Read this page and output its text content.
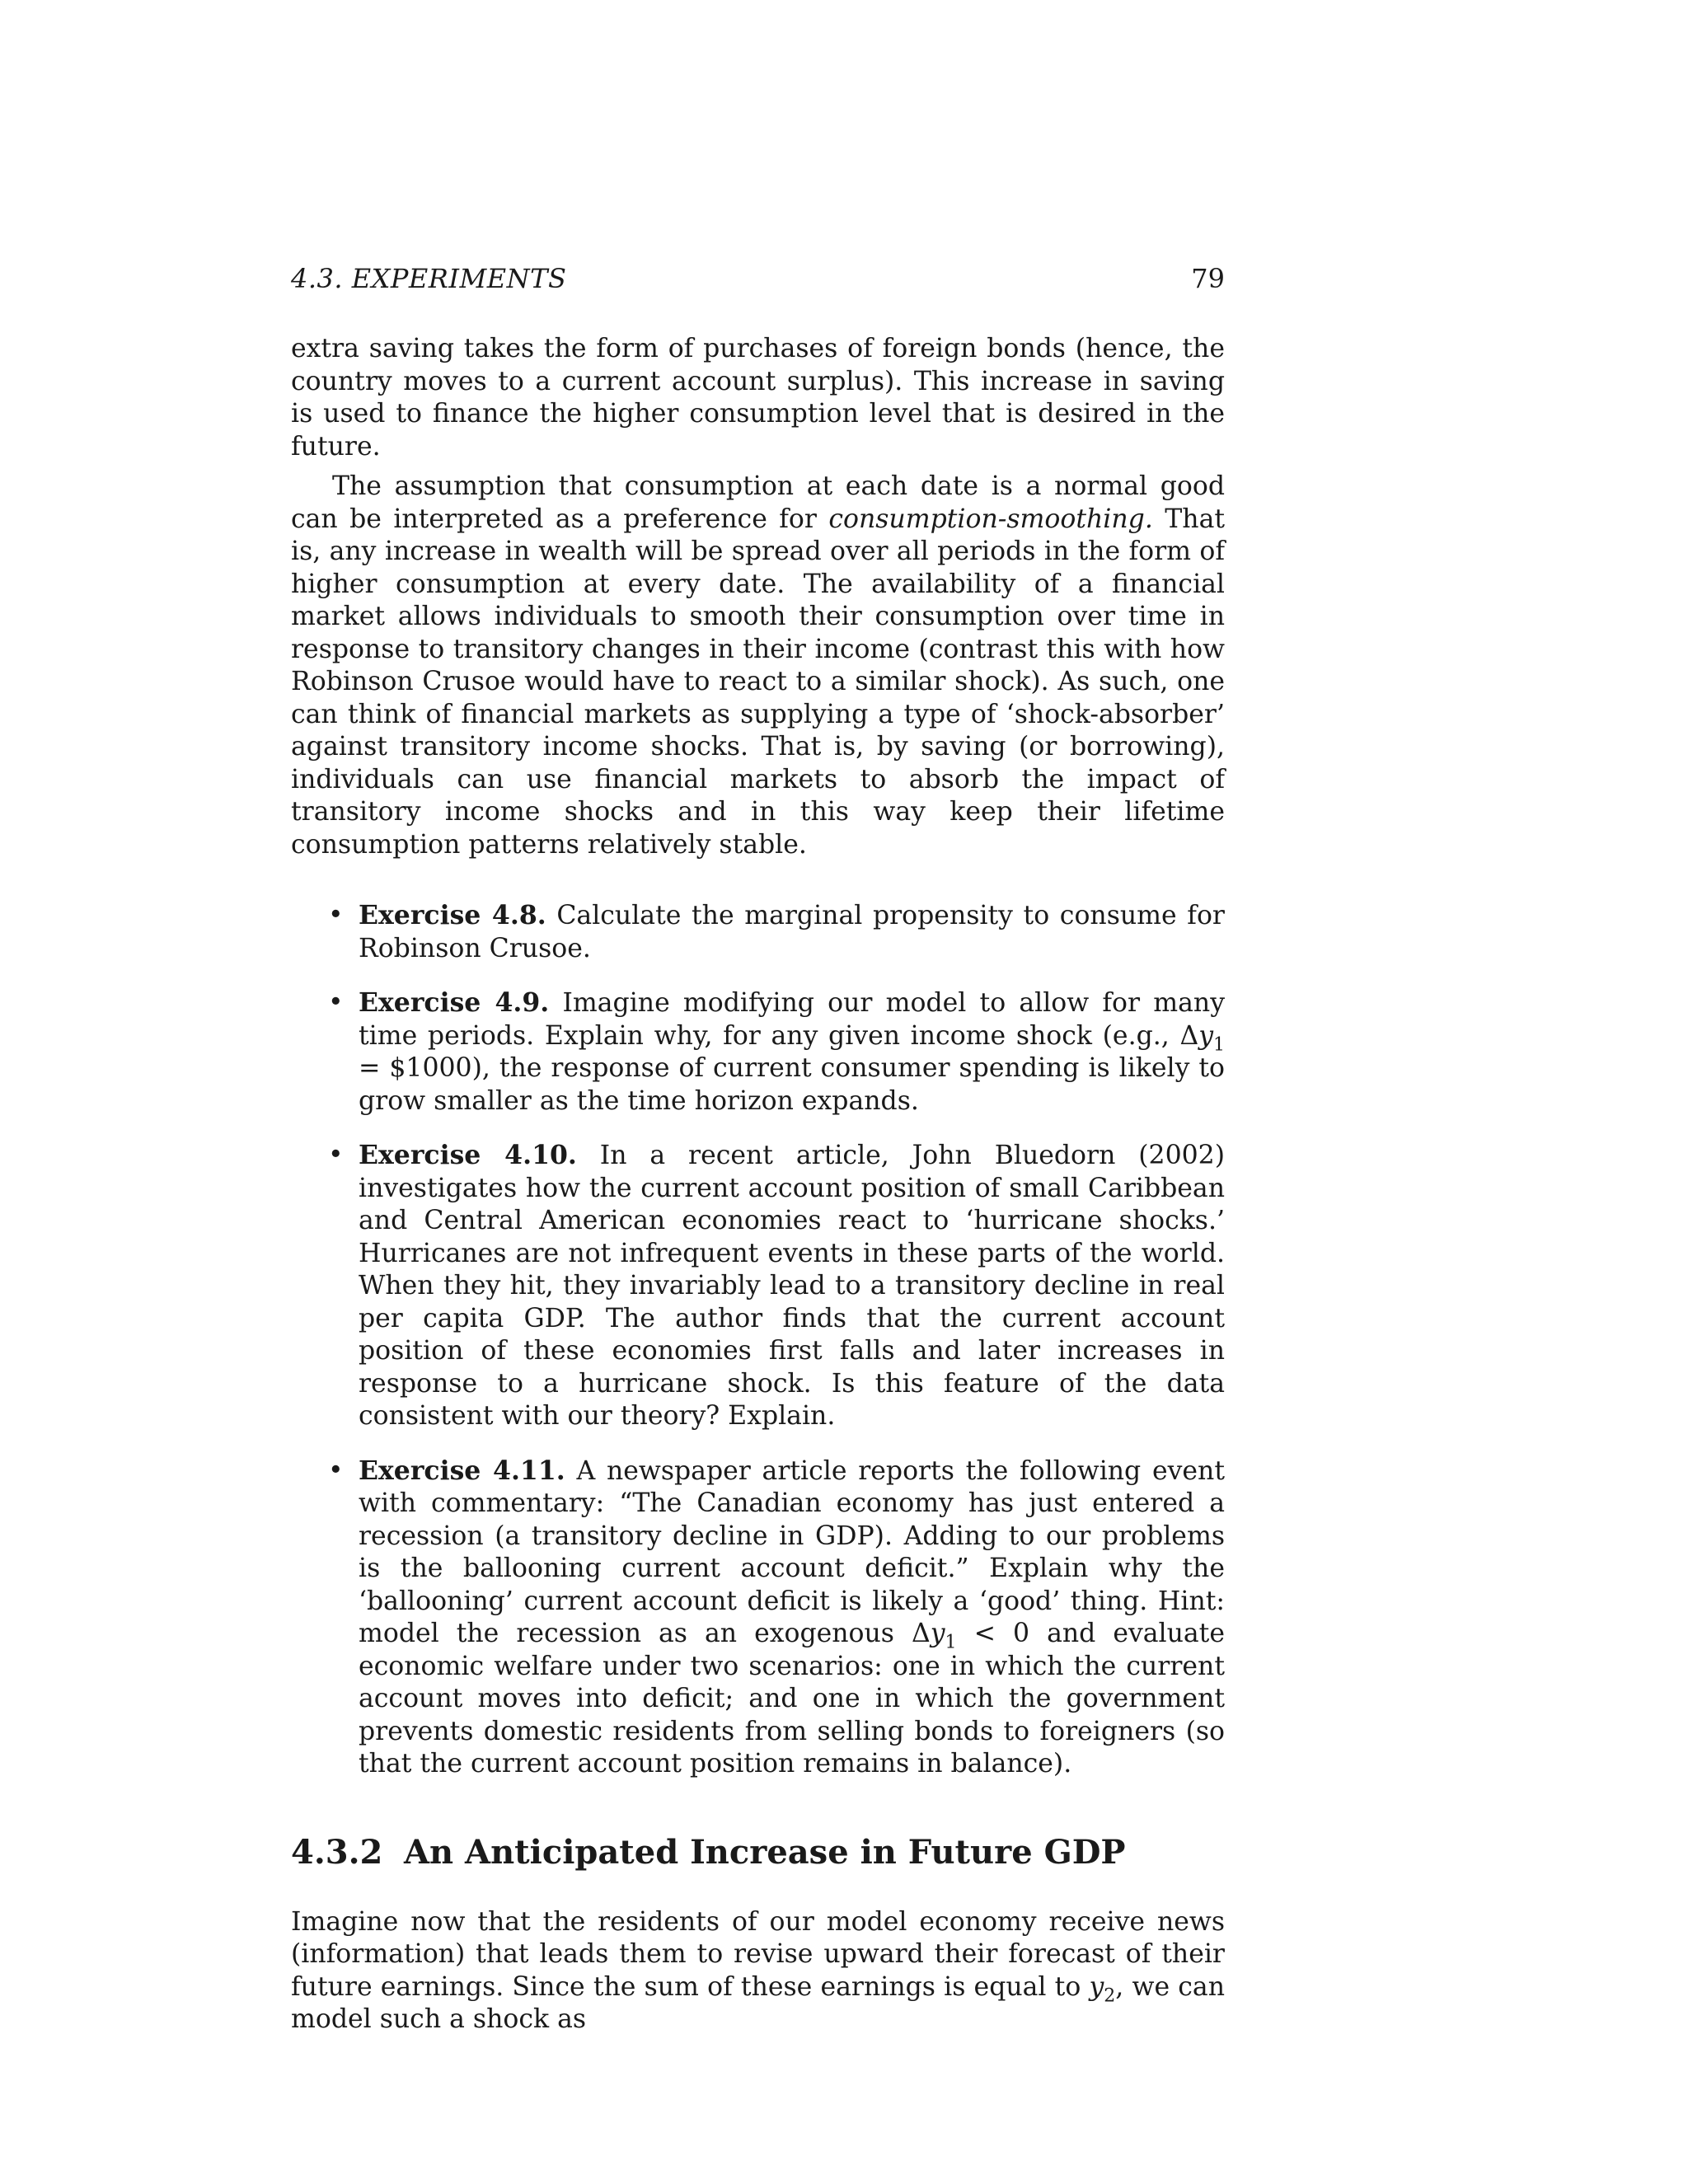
4.3. EXPERIMENTS	79

extra saving takes the form of purchases of foreign bonds (hence, the country moves to a current account surplus). This increase in saving is used to finance the higher consumption level that is desired in the future.

The assumption that consumption at each date is a normal good can be interpreted as a preference for consumption-smoothing. That is, any increase in wealth will be spread over all periods in the form of higher consumption at every date. The availability of a financial market allows individuals to smooth their consumption over time in response to transitory changes in their income (contrast this with how Robinson Crusoe would have to react to a similar shock). As such, one can think of financial markets as supplying a type of ‘shock-absorber’ against transitory income shocks. That is, by saving (or borrowing), individuals can use financial markets to absorb the impact of transitory income shocks and in this way keep their lifetime consumption patterns relatively stable.

• Exercise 4.8. Calculate the marginal propensity to consume for Robinson Crusoe.

• Exercise 4.9. Imagine modifying our model to allow for many time periods. Explain why, for any given income shock (e.g., $\Delta y_1$ = $1000), the response of current consumer spending is likely to grow smaller as the time horizon expands.

• Exercise 4.10. In a recent article, John Bluedorn (2002) investigates how the current account position of small Caribbean and Central American economies react to ‘hurricane shocks.’ Hurricanes are not infrequent events in these parts of the world. When they hit, they invariably lead to a transitory decline in real per capita GDP. The author finds that the current account position of these economies first falls and later increases in response to a hurricane shock. Is this feature of the data consistent with our theory? Explain.

• Exercise 4.11. A newspaper article reports the following event with commentary: “The Canadian economy has just entered a recession (a transitory decline in GDP). Adding to our problems is the ballooning current account deficit.” Explain why the ‘ballooning’ current account deficit is likely a ‘good’ thing. Hint: model the recession as an exogenous $\Delta y_1 < 0$ and evaluate economic welfare under two scenarios: one in which the current account moves into deficit; and one in which the government prevents domestic residents from selling bonds to foreigners (so that the current account position remains in balance).

4.3.2 An Anticipated Increase in Future GDP

Imagine now that the residents of our model economy receive news (information) that leads them to revise upward their forecast of their future earnings. Since the sum of these earnings is equal to $y_2$, we can model such a shock as
